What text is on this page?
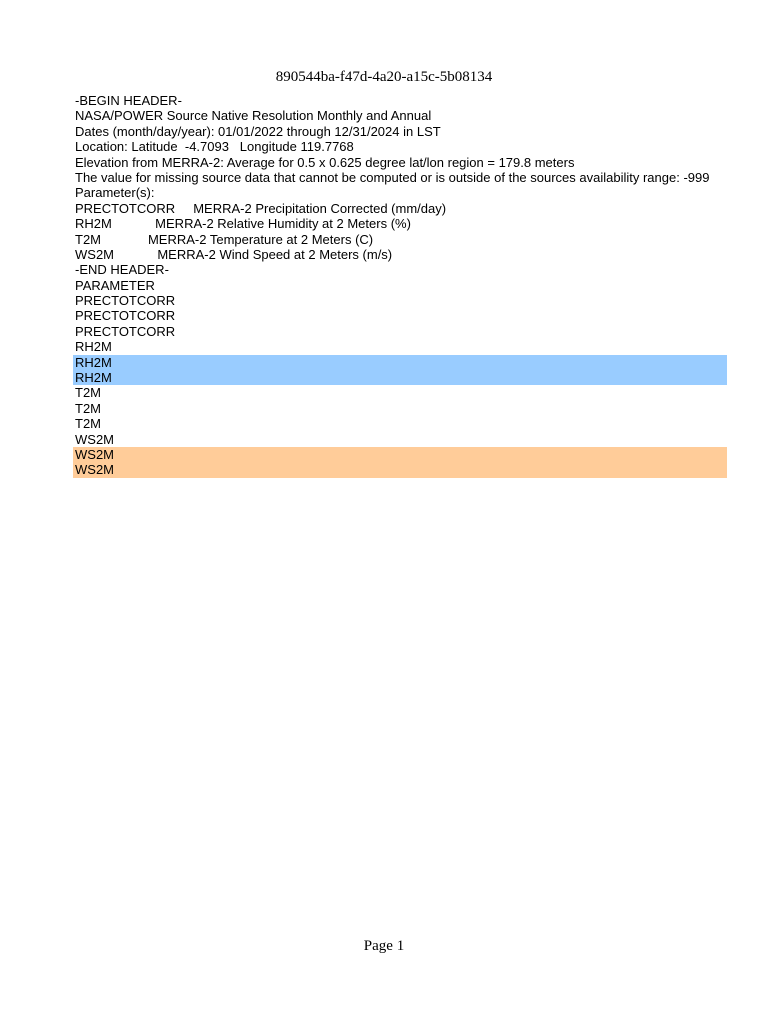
890544ba-f47d-4a20-a15c-5b08134
-BEGIN HEADER-
NASA/POWER Source Native Resolution Monthly and Annual
Dates (month/day/year): 01/01/2022 through 12/31/2024 in LST
Location: Latitude  -4.7093   Longitude 119.7768
Elevation from MERRA-2: Average for 0.5 x 0.625 degree lat/lon region = 179.8 meters
The value for missing source data that cannot be computed or is outside of the sources availability range: -999
Parameter(s):
PRECTOTCORR     MERRA-2 Precipitation Corrected (mm/day)
RH2M            MERRA-2 Relative Humidity at 2 Meters (%)
T2M             MERRA-2 Temperature at 2 Meters (C)
WS2M            MERRA-2 Wind Speed at 2 Meters (m/s)
-END HEADER-
PARAMETER
PRECTOTCORR
PRECTOTCORR
PRECTOTCORR
RH2M
RH2M
RH2M
T2M
T2M
T2M
WS2M
WS2M
WS2M
Page 1
